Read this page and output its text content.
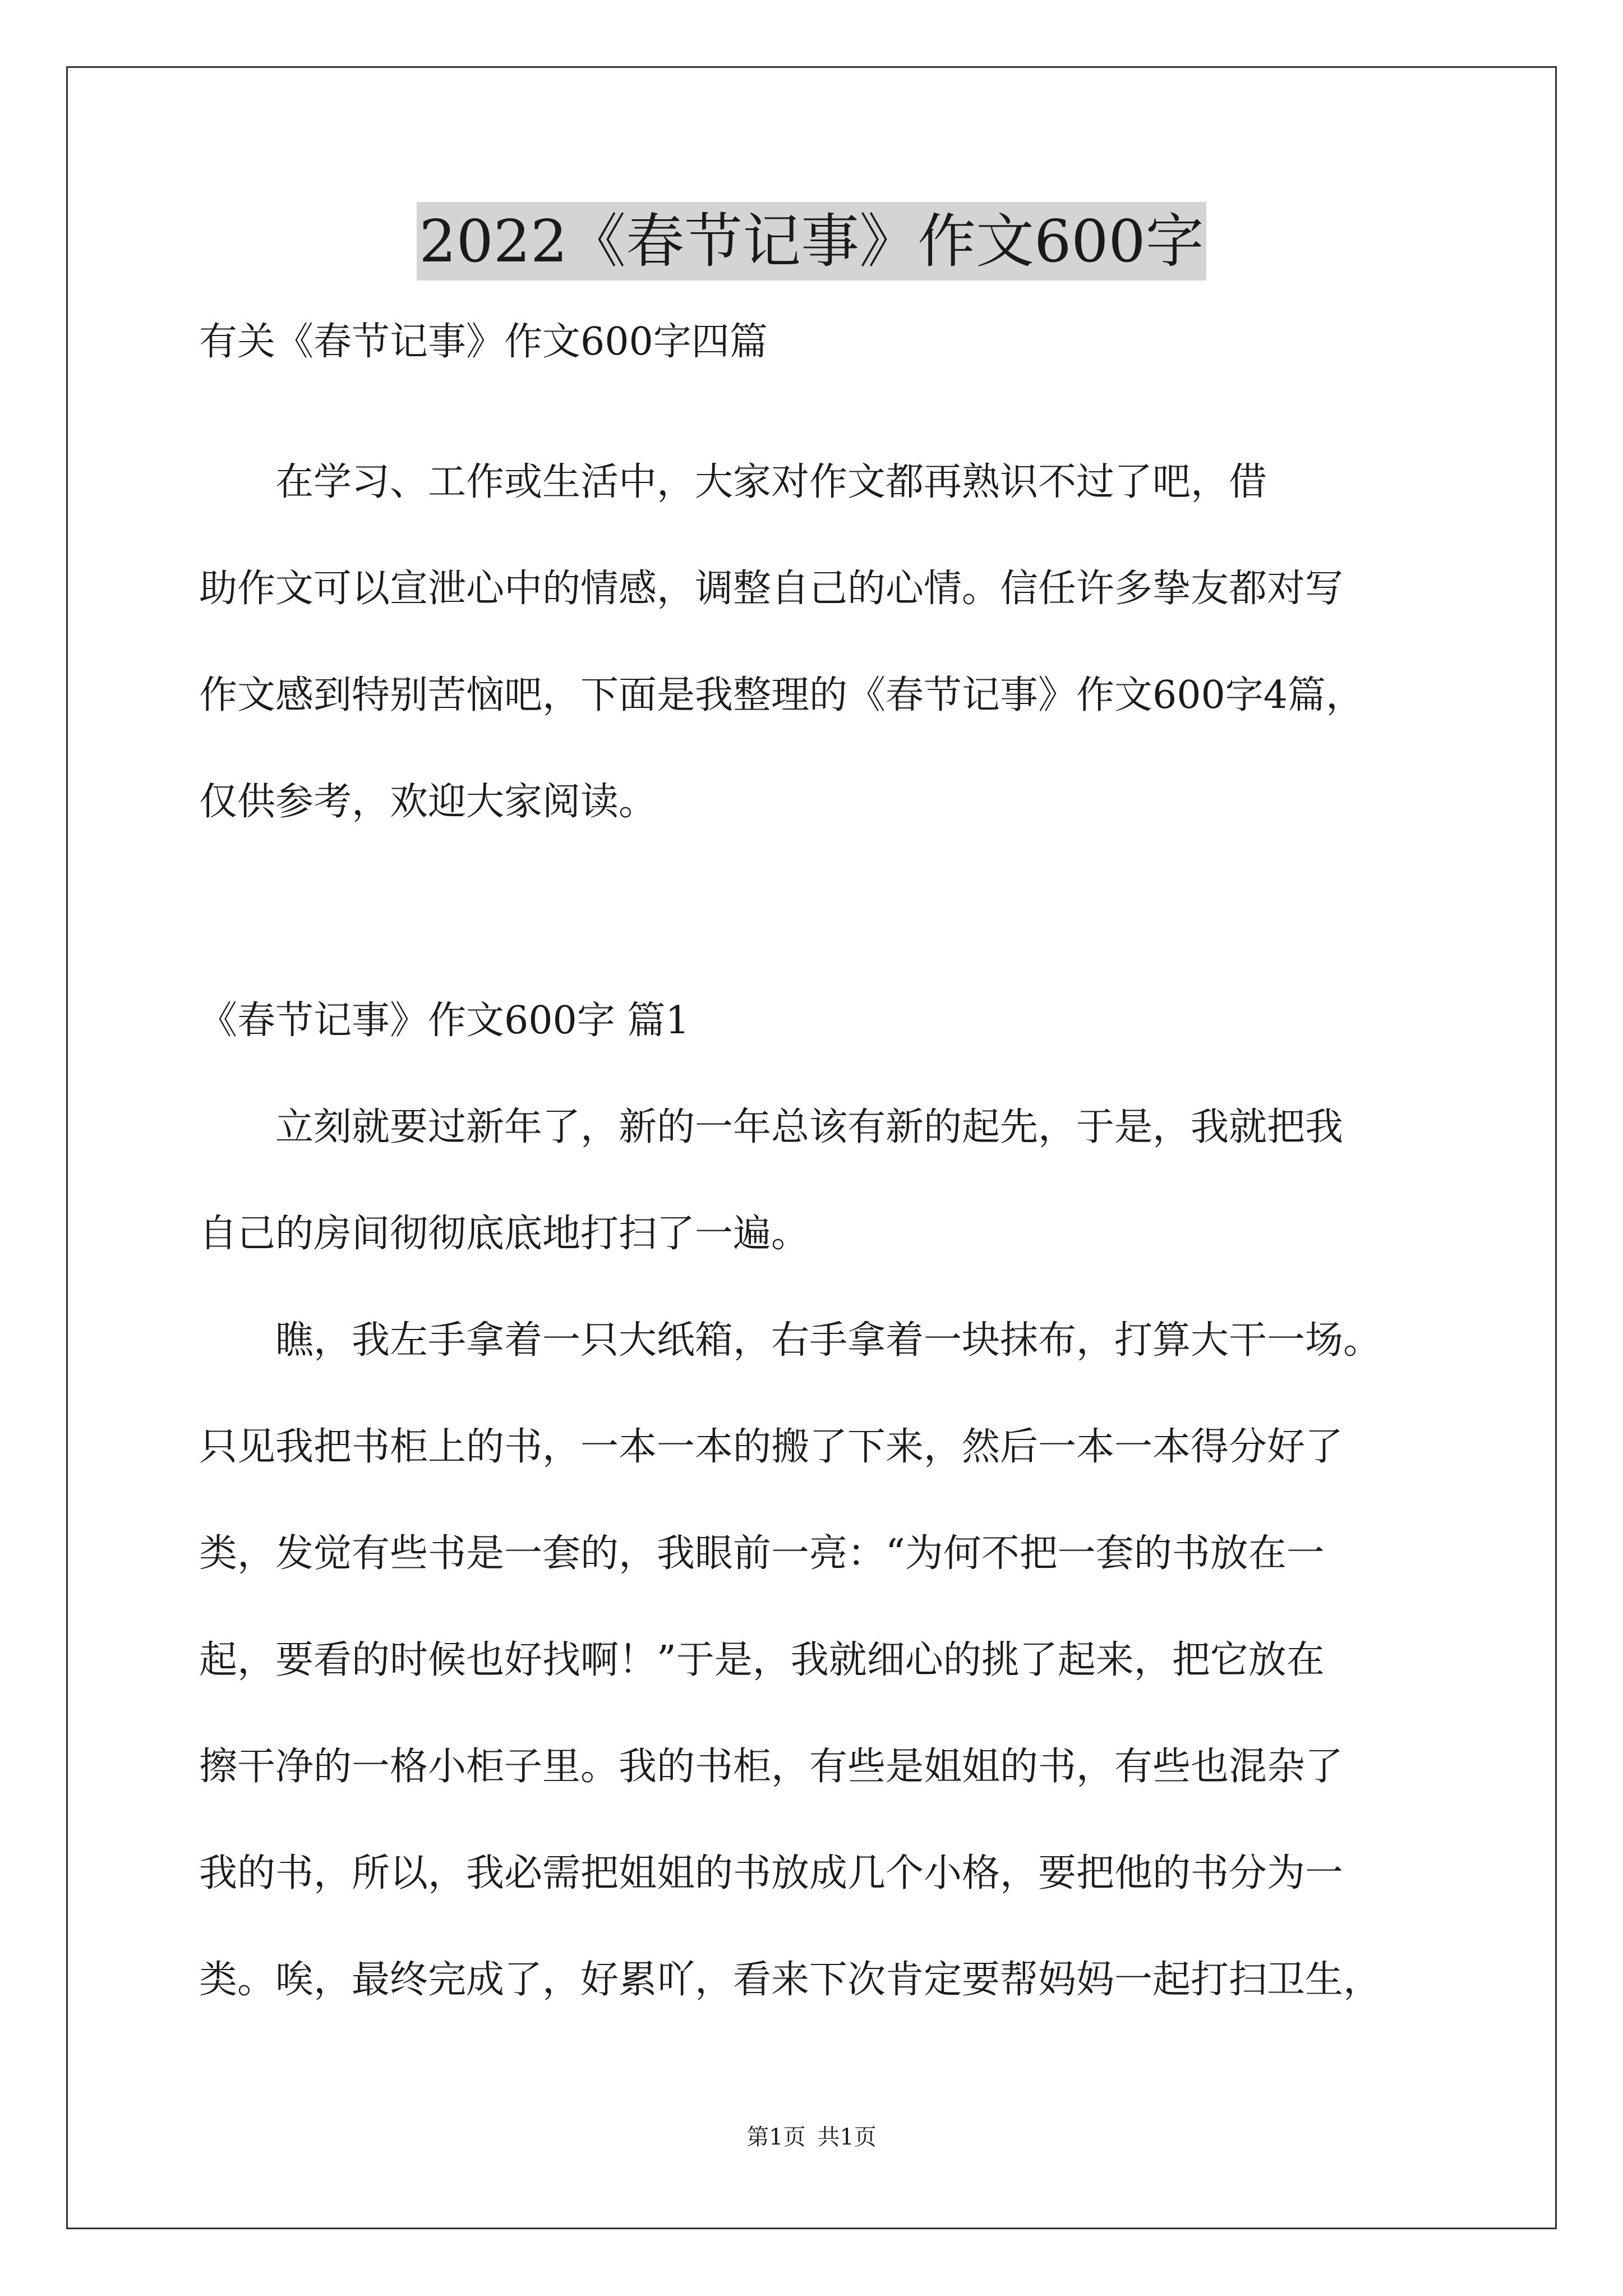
2022《春节记事》作文600字
有关《春节记事》作文600字四篇
　　在学习、工作或生活中，大家对作文都再熟识不过了吧，借
助作文可以宣泄心中的情感，调整自己的心情。信任许多挚友都对写
作文感到特别苦恼吧，下面是我整理的《春节记事》作文600字4篇，
仅供参考，欢迎大家阅读。
《春节记事》作文600字 篇1
　　立刻就要过新年了，新的一年总该有新的起先，于是，我就把我
自己的房间彻彻底底地打扫了一遍。
　　瞧，我左手拿着一只大纸箱，右手拿着一块抹布，打算大干一场。
只见我把书柜上的书，一本一本的搬了下来，然后一本一本得分好了
类，发觉有些书是一套的，我眼前一亮：“为何不把一套的书放在一
起，要看的时候也好找啊！”于是，我就细心的挑了起来，把它放在
擦干净的一格小柜子里。我的书柜，有些是姐姐的书，有些也混杂了
我的书，所以，我必需把姐姐的书放成几个小格，要把他的书分为一
类。唉，最终完成了，好累吖，看来下次肯定要帮妈妈一起打扫卫生，
第1页 共1页
